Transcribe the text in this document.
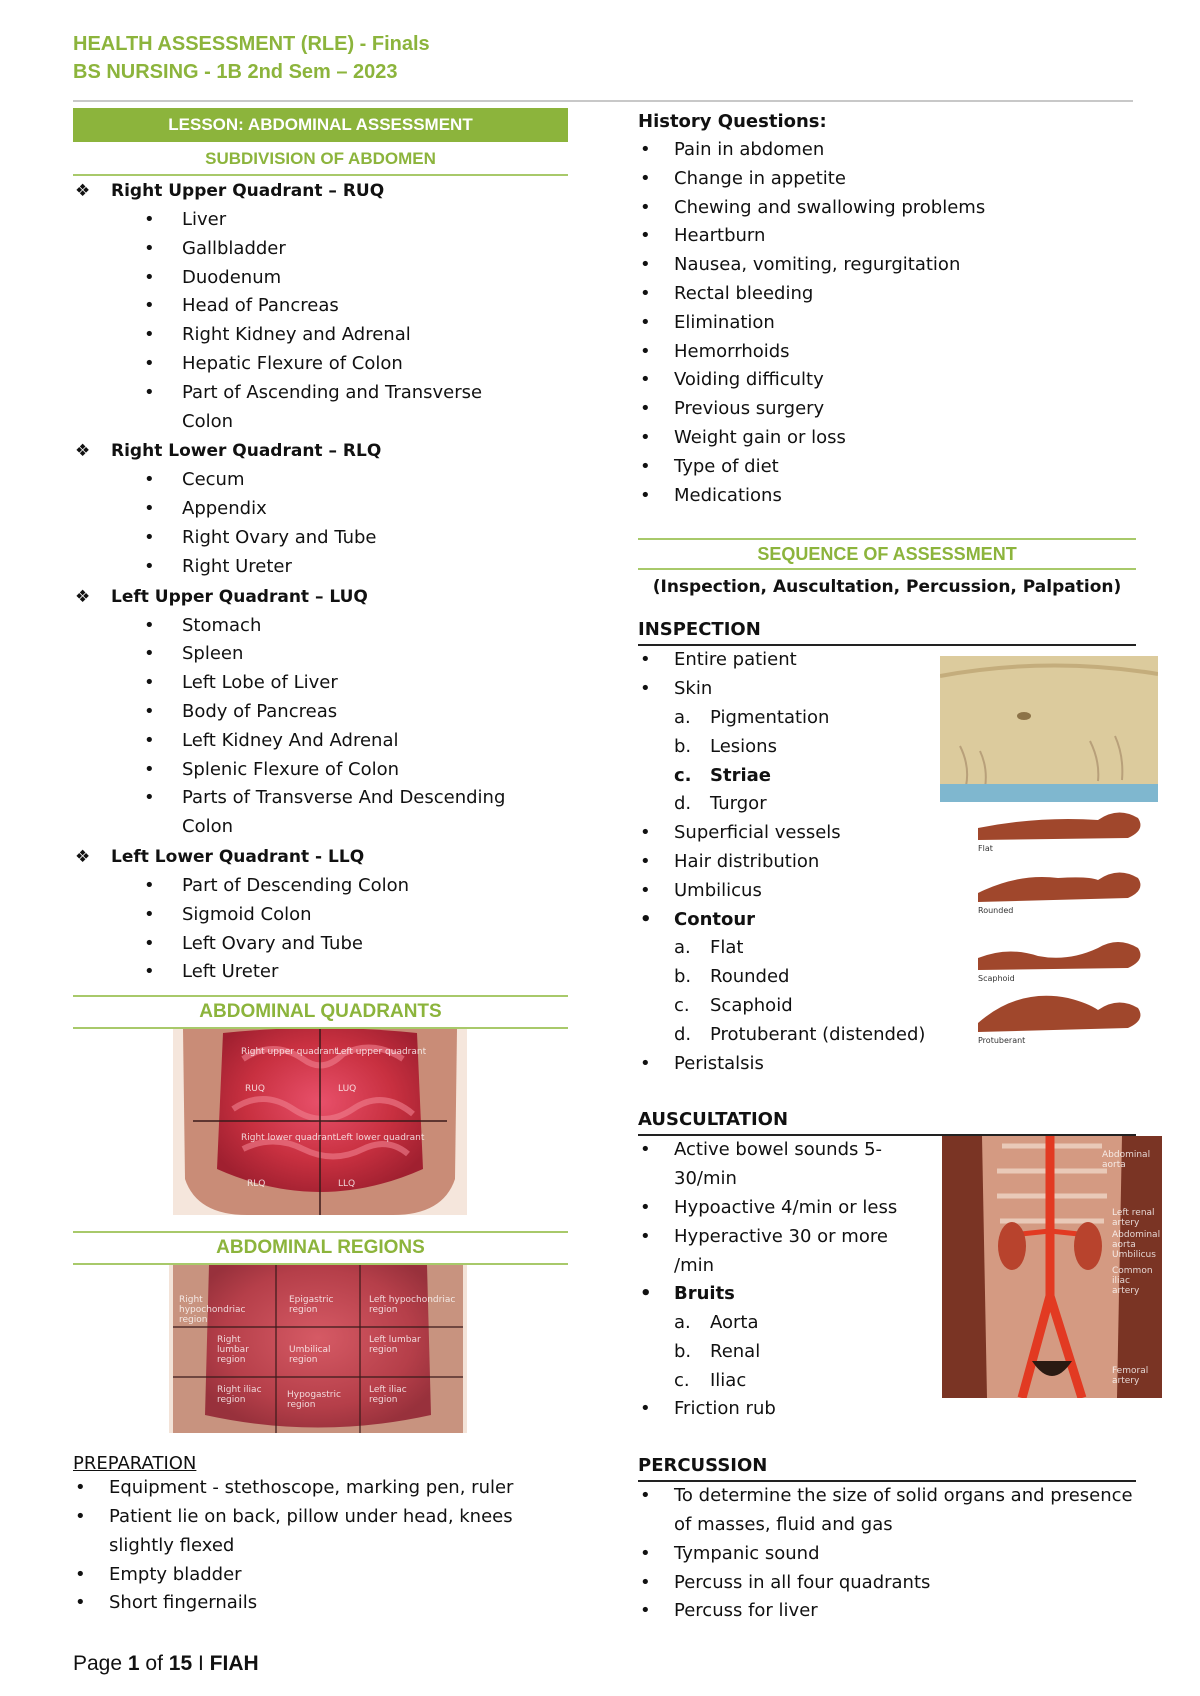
HEALTH ASSESSMENT (RLE) - Finals
BS NURSING - 1B 2nd Sem – 2023
LESSON: ABDOMINAL ASSESSMENT
SUBDIVISION OF ABDOMEN
❖ Right Upper Quadrant – RUQ
• Liver
• Gallbladder
• Duodenum
• Head of Pancreas
• Right Kidney and Adrenal
• Hepatic Flexure of Colon
• Part of Ascending and Transverse Colon
❖ Right Lower Quadrant – RLQ
• Cecum
• Appendix
• Right Ovary and Tube
• Right Ureter
❖ Left Upper Quadrant – LUQ
• Stomach
• Spleen
• Left Lobe of Liver
• Body of Pancreas
• Left Kidney And Adrenal
• Splenic Flexure of Colon
• Parts of Transverse And Descending Colon
❖ Left Lower Quadrant - LLQ
• Part of Descending Colon
• Sigmoid Colon
• Left Ovary and Tube
• Left Ureter
ABDOMINAL QUADRANTS
Right upper quadrant
Left upper quadrant
RUQ	LUQ
Right lower quadrant Left lower quadrant
RLQ	LLQ
ABDOMINAL REGIONS
Right hypochondriac region
Epigastric region
Left hypochondriac region
Right lumbar region
Umbilical region
Left lumbar region
Right iliac region	Hypogastric region
Left iliac region
PREPARATION
• Equipment - stethoscope, marking pen, ruler
• Patient lie on back, pillow under head, knees slightly flexed
• Empty bladder
• Short fingernails
History Questions:
• Pain in abdomen
• Change in appetite
• Chewing and swallowing problems
• Heartburn
• Nausea, vomiting, regurgitation
• Rectal bleeding
• Elimination
• Hemorrhoids
• Voiding difficulty
• Previous surgery
• Weight gain or loss
• Type of diet
• Medications
SEQUENCE OF ASSESSMENT
(Inspection, Auscultation, Percussion, Palpation)
INSPECTION
• Entire patient
• Skin
a. Pigmentation
b. Lesions
c. Striae
d. Turgor
• Superficial vessels
• Hair distribution
• Umbilicus
• Contour
a. Flat
b. Rounded
c. Scaphoid
d. Protuberant (distended)
• Peristalsis
Flat
Rounded
Scaphoid
Protuberant
AUSCULTATION
• Active bowel sounds 5-30/min
• Hypoactive 4/min or less
• Hyperactive 30 or more /min
• Bruits
a. Aorta
b. Renal
c. Iliac
• Friction rub
Abdominal aorta
Left renal artery
Abdominal aorta
Umbilicus
Common iliac artery
Femoral artery
PERCUSSION
• To determine the size of solid organs and presence of masses, fluid and gas
• Tympanic sound
• Percuss in all four quadrants
• Percuss for liver
Page 1 of 15 I FIAH
